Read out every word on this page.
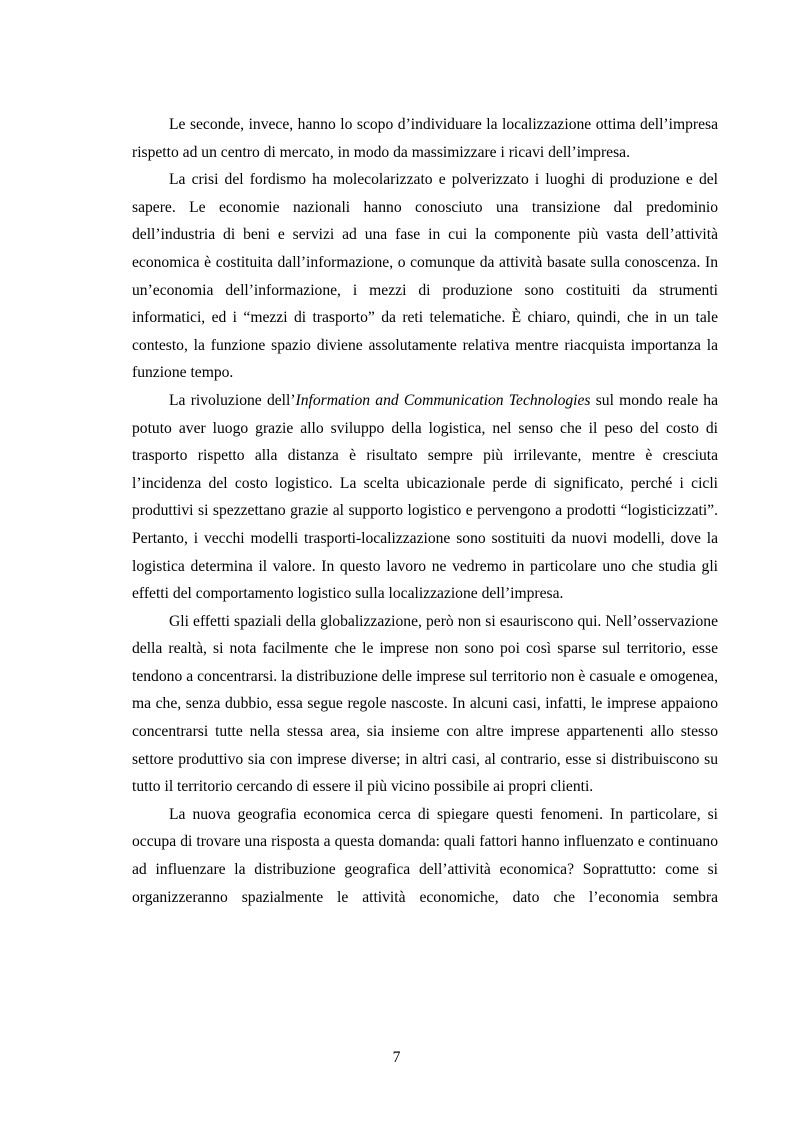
Le seconde, invece, hanno lo scopo d’individuare la localizzazione ottima dell’impresa rispetto ad un centro di mercato, in modo da massimizzare i ricavi dell’impresa.

La crisi del fordismo ha molecolarizzato e polverizzato i luoghi di produzione e del sapere. Le economie nazionali hanno conosciuto una transizione dal predominio dell’industria di beni e servizi ad una fase in cui la componente più vasta dell’attività economica è costituita dall’informazione, o comunque da attività basate sulla conoscenza. In un’economia dell’informazione, i mezzi di produzione sono costituiti da strumenti informatici, ed i “mezzi di trasporto” da reti telematiche. È chiaro, quindi, che in un tale contesto, la funzione spazio diviene assolutamente relativa mentre riacquista importanza la funzione tempo.

La rivoluzione dell’Information and Communication Technologies sul mondo reale ha potuto aver luogo grazie allo sviluppo della logistica, nel senso che il peso del costo di trasporto rispetto alla distanza è risultato sempre più irrilevante, mentre è cresciuta l’incidenza del costo logistico. La scelta ubicazionale perde di significato, perché i cicli produttivi si spezzettano grazie al supporto logistico e pervengono a prodotti “logisticizzati”. Pertanto, i vecchi modelli trasporti-localizzazione sono sostituiti da nuovi modelli, dove la logistica determina il valore. In questo lavoro ne vedremo in particolare uno che studia gli effetti del comportamento logistico sulla localizzazione dell’impresa.

Gli effetti spaziali della globalizzazione, però non si esauriscono qui. Nell’osservazione della realtà, si nota facilmente che le imprese non sono poi così sparse sul territorio, esse tendono a concentrarsi. la distribuzione delle imprese sul territorio non è casuale e omogenea, ma che, senza dubbio, essa segue regole nascoste. In alcuni casi, infatti, le imprese appaiono concentrarsi tutte nella stessa area, sia insieme con altre imprese appartenenti allo stesso settore produttivo sia con imprese diverse; in altri casi, al contrario, esse si distribuiscono su tutto il territorio cercando di essere il più vicino possibile ai propri clienti.

La nuova geografia economica cerca di spiegare questi fenomeni. In particolare, si occupa di trovare una risposta a questa domanda: quali fattori hanno influenzato e continuano ad influenzare la distribuzione geografica dell’attività economica? Soprattutto: come si organizzeranno spazialmente le attività economiche, dato che l’economia sembra

7
